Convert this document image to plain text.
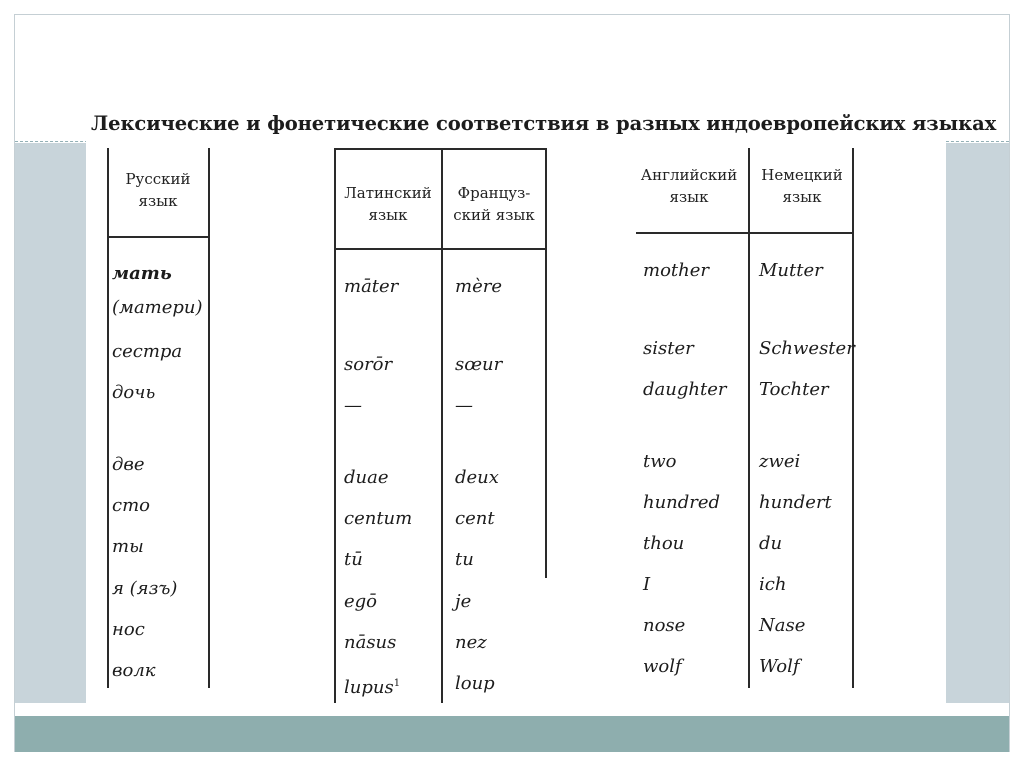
Лексические и фонетические соответствия в разных индоевропейских языках
Русский
язык	Латинский
язык
Француз-
ский язык
Английский
язык
Немецкий
язык
мать
(матери)
сестра
дочь
две
сто
ты
я (язъ)
нос
волк
māter
sorōr
—
duae
centum
tū
egō
nāsus
lupus$^1$
mère
sœur
—
deux
cent
tu
je
nez
loup
mother
sister
daughter
two
hundred
thou
I
nose
wolf
Mutter
Schwester
Tochter
zwei
hundert
du
ich
Nase
Wolf
